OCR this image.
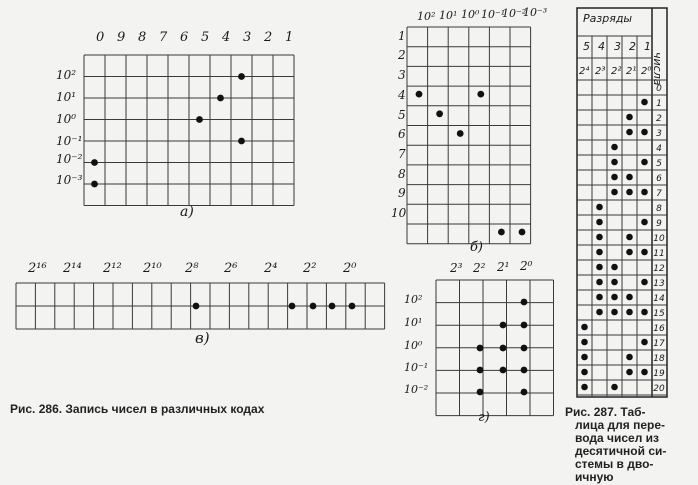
0 9 8 7 6 5 4 3 2 1
10²
10¹
10⁰
10⁻¹
10⁻²
10⁻³
а)
10² 10¹ 10⁰ 10⁻¹
10⁻²
10⁻³
1
2
3
4
5
6
7
8
9
10
б)
2¹⁶ 2¹⁴ 2¹² 2¹⁰ 2⁸ 2⁶ 2⁴ 2² 2⁰
в)
2³ 2² 2¹ 2⁰
10²
10¹
10⁰
10⁻¹
10⁻²
г)
Рис. 286. Запись чисел в различных кодах
Разряды
числа
5 4 3 2 1
2⁴ 2³ 2² 2¹ 2⁰
0
1
2
3
4
5
6
7
8
9
10
11
12
13
14
15
16
17
18
19
20
Рис. 287. Таб-
лица для пере-
вода чисел из
десятичной си-
стемы в дво-
ичную
